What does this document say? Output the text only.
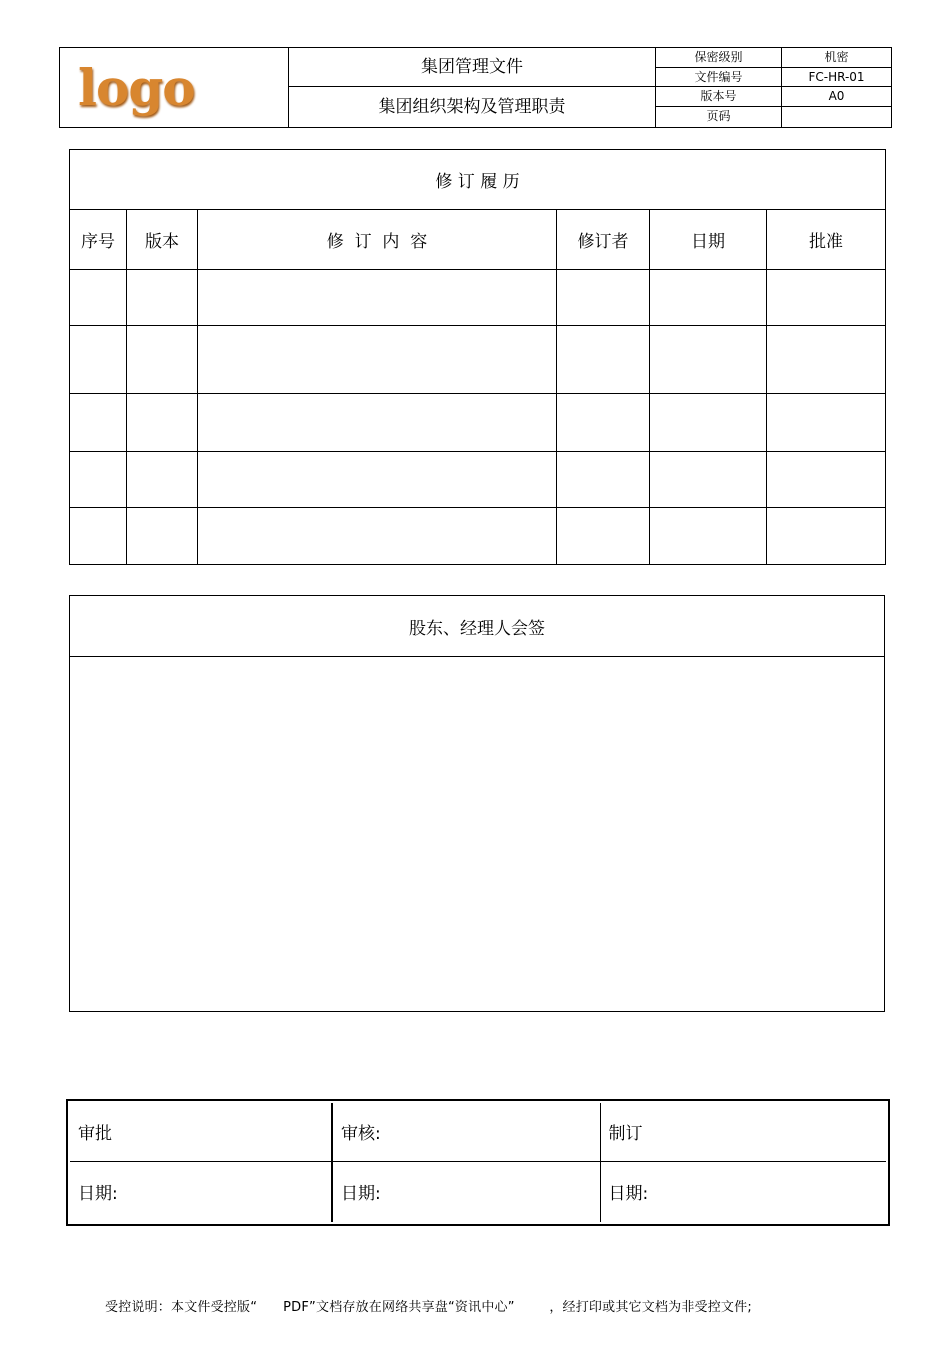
logo	集团管理文件	保密级别	机密
		文件编号	FC-HR-01
	集团组织架构及管理职责	版本号	A0
		页码	
修 订 履 历					
序号	版本	修  订  内  容	修订者	日期	批准

股东、经理人会签
审批	审核:	制订
日期:	日期:	日期:
受控说明：本文件受控版“      PDF”文档存放在网络共享盘“资讯中心”        ，经打印或其它文档为非受控文件;
